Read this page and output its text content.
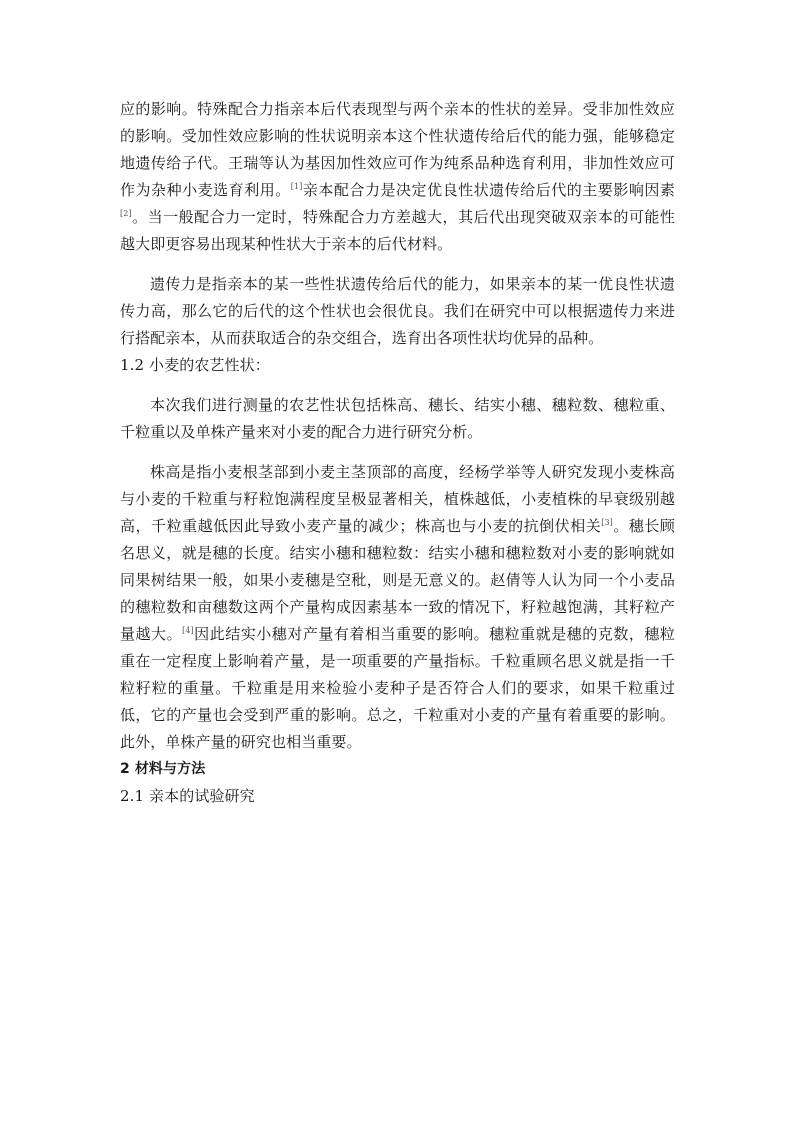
应的影响。特殊配合力指亲本后代表现型与两个亲本的性状的差异。受非加性效应的影响。受加性效应影响的性状说明亲本这个性状遗传给后代的能力强，能够稳定地遗传给子代。王瑞等认为基因加性效应可作为纯系品种选育利用，非加性效应可作为杂种小麦选育利用。[1]亲本配合力是决定优良性状遗传给后代的主要影响因素[2]。当一般配合力一定时，特殊配合力方差越大，其后代出现突破双亲本的可能性越大即更容易出现某种性状大于亲本的后代材料。

遗传力是指亲本的某一些性状遗传给后代的能力，如果亲本的某一优良性状遗传力高，那么它的后代的这个性状也会很优良。我们在研究中可以根据遗传力来进行搭配亲本，从而获取适合的杂交组合，选育出各项性状均优异的品种。

1.2 小麦的农艺性状：

本次我们进行测量的农艺性状包括株高、穗长、结实小穗、穗粒数、穗粒重、千粒重以及单株产量来对小麦的配合力进行研究分析。

株高是指小麦根茎部到小麦主茎顶部的高度，经杨学举等人研究发现小麦株高与小麦的千粒重与籽粒饱满程度呈极显著相关，植株越低，小麦植株的早衰级别越高，千粒重越低因此导致小麦产量的减少；株高也与小麦的抗倒伏相关[3]。穗长顾名思义，就是穗的长度。结实小穗和穗粒数：结实小穗和穗粒数对小麦的影响就如同果树结果一般，如果小麦穗是空秕，则是无意义的。赵倩等人认为同一个小麦品的穗粒数和亩穗数这两个产量构成因素基本一致的情况下，籽粒越饱满，其籽粒产量越大。[4]因此结实小穗对产量有着相当重要的影响。穗粒重就是穗的克数，穗粒重在一定程度上影响着产量，是一项重要的产量指标。千粒重顾名思义就是指一千粒籽粒的重量。千粒重是用来检验小麦种子是否符合人们的要求，如果千粒重过低，它的产量也会受到严重的影响。总之，千粒重对小麦的产量有着重要的影响。此外，单株产量的研究也相当重要。

2 材料与方法

2.1 亲本的试验研究
